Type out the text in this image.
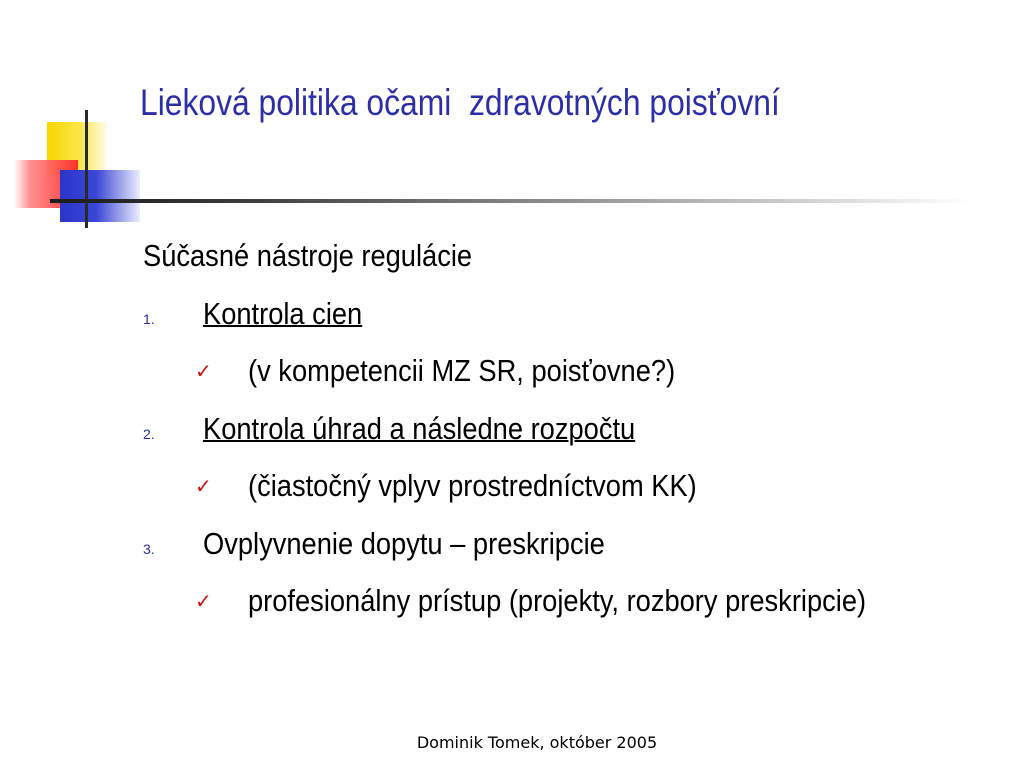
Lieková politika očami  zdravotných poisťovní
Súčasné nástroje regulácie
1. Kontrola cien
✓ (v kompetencii MZ SR, poisťovne?)
2. Kontrola úhrad a následne rozpočtu
✓ (čiastočný vplyv prostredníctvom KK)
3. Ovplyvnenie dopytu – preskripcie
✓ profesionálny prístup (projekty, rozbory preskripcie)
Dominik Tomek, október 2005
